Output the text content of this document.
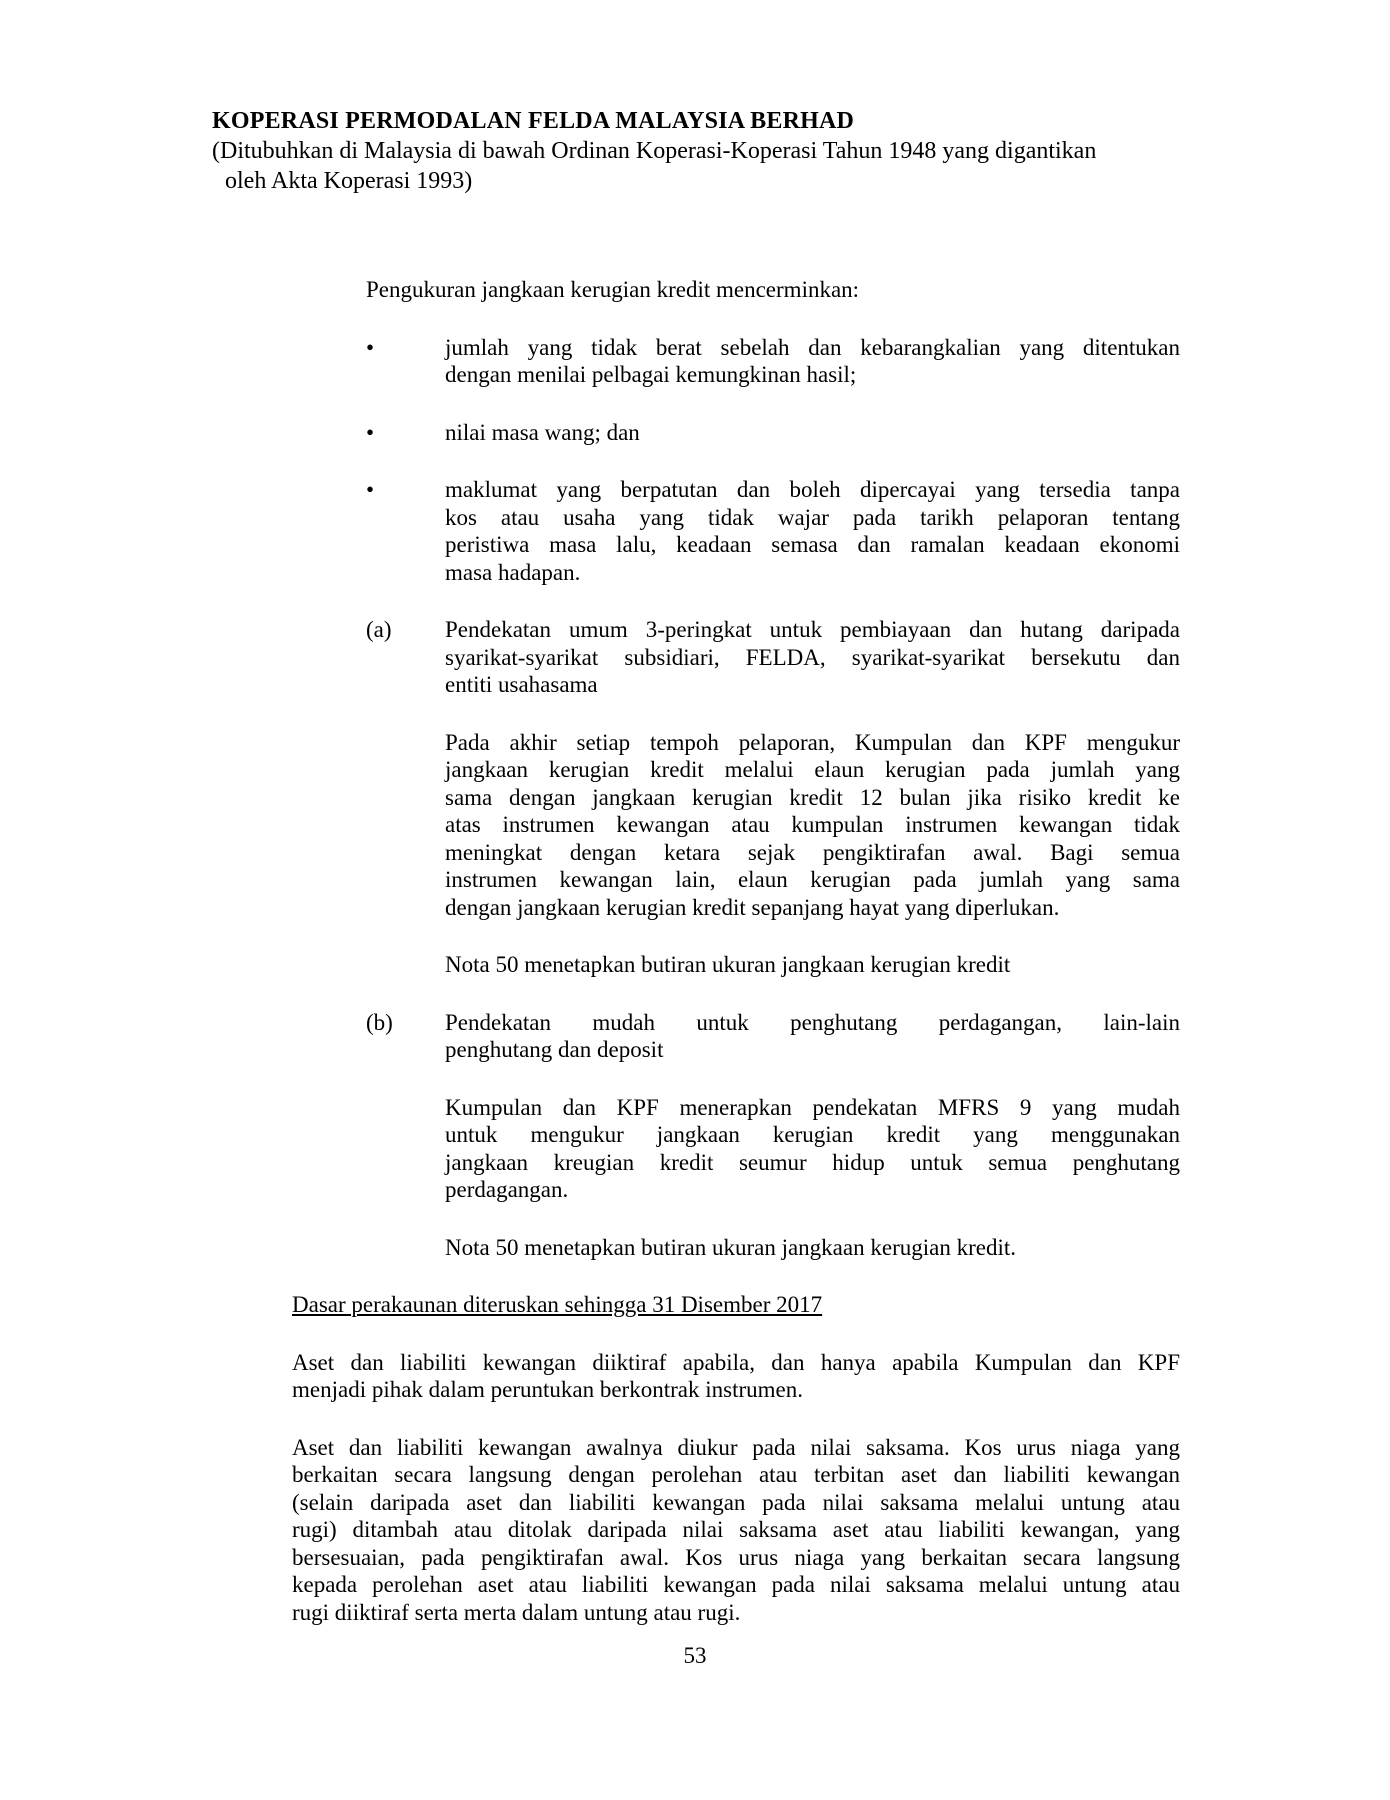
KOPERASI PERMODALAN FELDA MALAYSIA BERHAD
(Ditubuhkan di Malaysia di bawah Ordinan Koperasi-Koperasi Tahun 1948 yang digantikan
oleh Akta Koperasi 1993)
Pengukuran jangkaan kerugian kredit mencerminkan:
•	jumlah yang tidak berat sebelah dan kebarangkalian yang ditentukan
dengan menilai pelbagai kemungkinan hasil;
•	nilai masa wang; dan
•	maklumat yang berpatutan dan boleh dipercayai yang tersedia tanpa
kos atau usaha yang tidak wajar pada tarikh pelaporan tentang
peristiwa masa lalu, keadaan semasa dan ramalan keadaan ekonomi
masa hadapan.
(a)	Pendekatan umum 3-peringkat untuk pembiayaan dan hutang daripada
syarikat-syarikat subsidiari, FELDA, syarikat-syarikat bersekutu dan
entiti usahasama
Pada akhir setiap tempoh pelaporan, Kumpulan dan KPF mengukur
jangkaan kerugian kredit melalui elaun kerugian pada jumlah yang
sama dengan jangkaan kerugian kredit 12 bulan jika risiko kredit ke
atas instrumen kewangan atau kumpulan instrumen kewangan tidak
meningkat dengan ketara sejak pengiktirafan awal. Bagi semua
instrumen kewangan lain, elaun kerugian pada jumlah yang sama
dengan jangkaan kerugian kredit sepanjang hayat yang diperlukan.
Nota 50 menetapkan butiran ukuran jangkaan kerugian kredit
(b)	Pendekatan mudah untuk penghutang perdagangan, lain-lain
penghutang dan deposit
Kumpulan dan KPF menerapkan pendekatan MFRS 9 yang mudah
untuk mengukur jangkaan kerugian kredit yang menggunakan
jangkaan kreugian kredit seumur hidup untuk semua penghutang
perdagangan.
Nota 50 menetapkan butiran ukuran jangkaan kerugian kredit.
Dasar perakaunan diteruskan sehingga 31 Disember 2017
Aset dan liabiliti kewangan diiktiraf apabila, dan hanya apabila Kumpulan dan KPF
menjadi pihak dalam peruntukan berkontrak instrumen.
Aset dan liabiliti kewangan awalnya diukur pada nilai saksama. Kos urus niaga yang
berkaitan secara langsung dengan perolehan atau terbitan aset dan liabiliti kewangan
(selain daripada aset dan liabiliti kewangan pada nilai saksama melalui untung atau
rugi) ditambah atau ditolak daripada nilai saksama aset atau liabiliti kewangan, yang
bersesuaian, pada pengiktirafan awal. Kos urus niaga yang berkaitan secara langsung
kepada perolehan aset atau liabiliti kewangan pada nilai saksama melalui untung atau
rugi diiktiraf serta merta dalam untung atau rugi.
53
